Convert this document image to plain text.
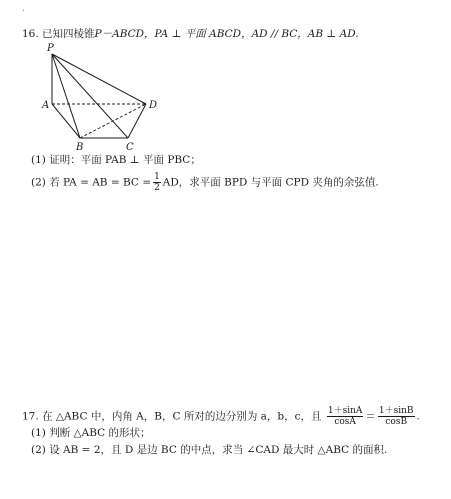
·
16. 已知四棱锥P－ABCD，PA ⊥ 平面 ABCD，AD // BC，AB ⊥ AD.
P
A
B	C
D
(1) 证明：平面 PAB ⊥ 平面 PBC；
(2) 若 PA = AB = BC = $\frac{1}{2}$ AD，求平面 BPD 与平面 CPD 夹角的余弦值.
17. 在 △ABC 中，内角 A，B，C 所对的边分别为 a，b，c，且 $\frac{1+\sin A}{\cos A} = \frac{1+\sin B}{\cos B}$ .
(1) 判断 △ABC 的形状；
(2) 设 AB = 2，且 D 是边 BC 的中点，求当 ∠CAD 最大时 △ABC 的面积.
